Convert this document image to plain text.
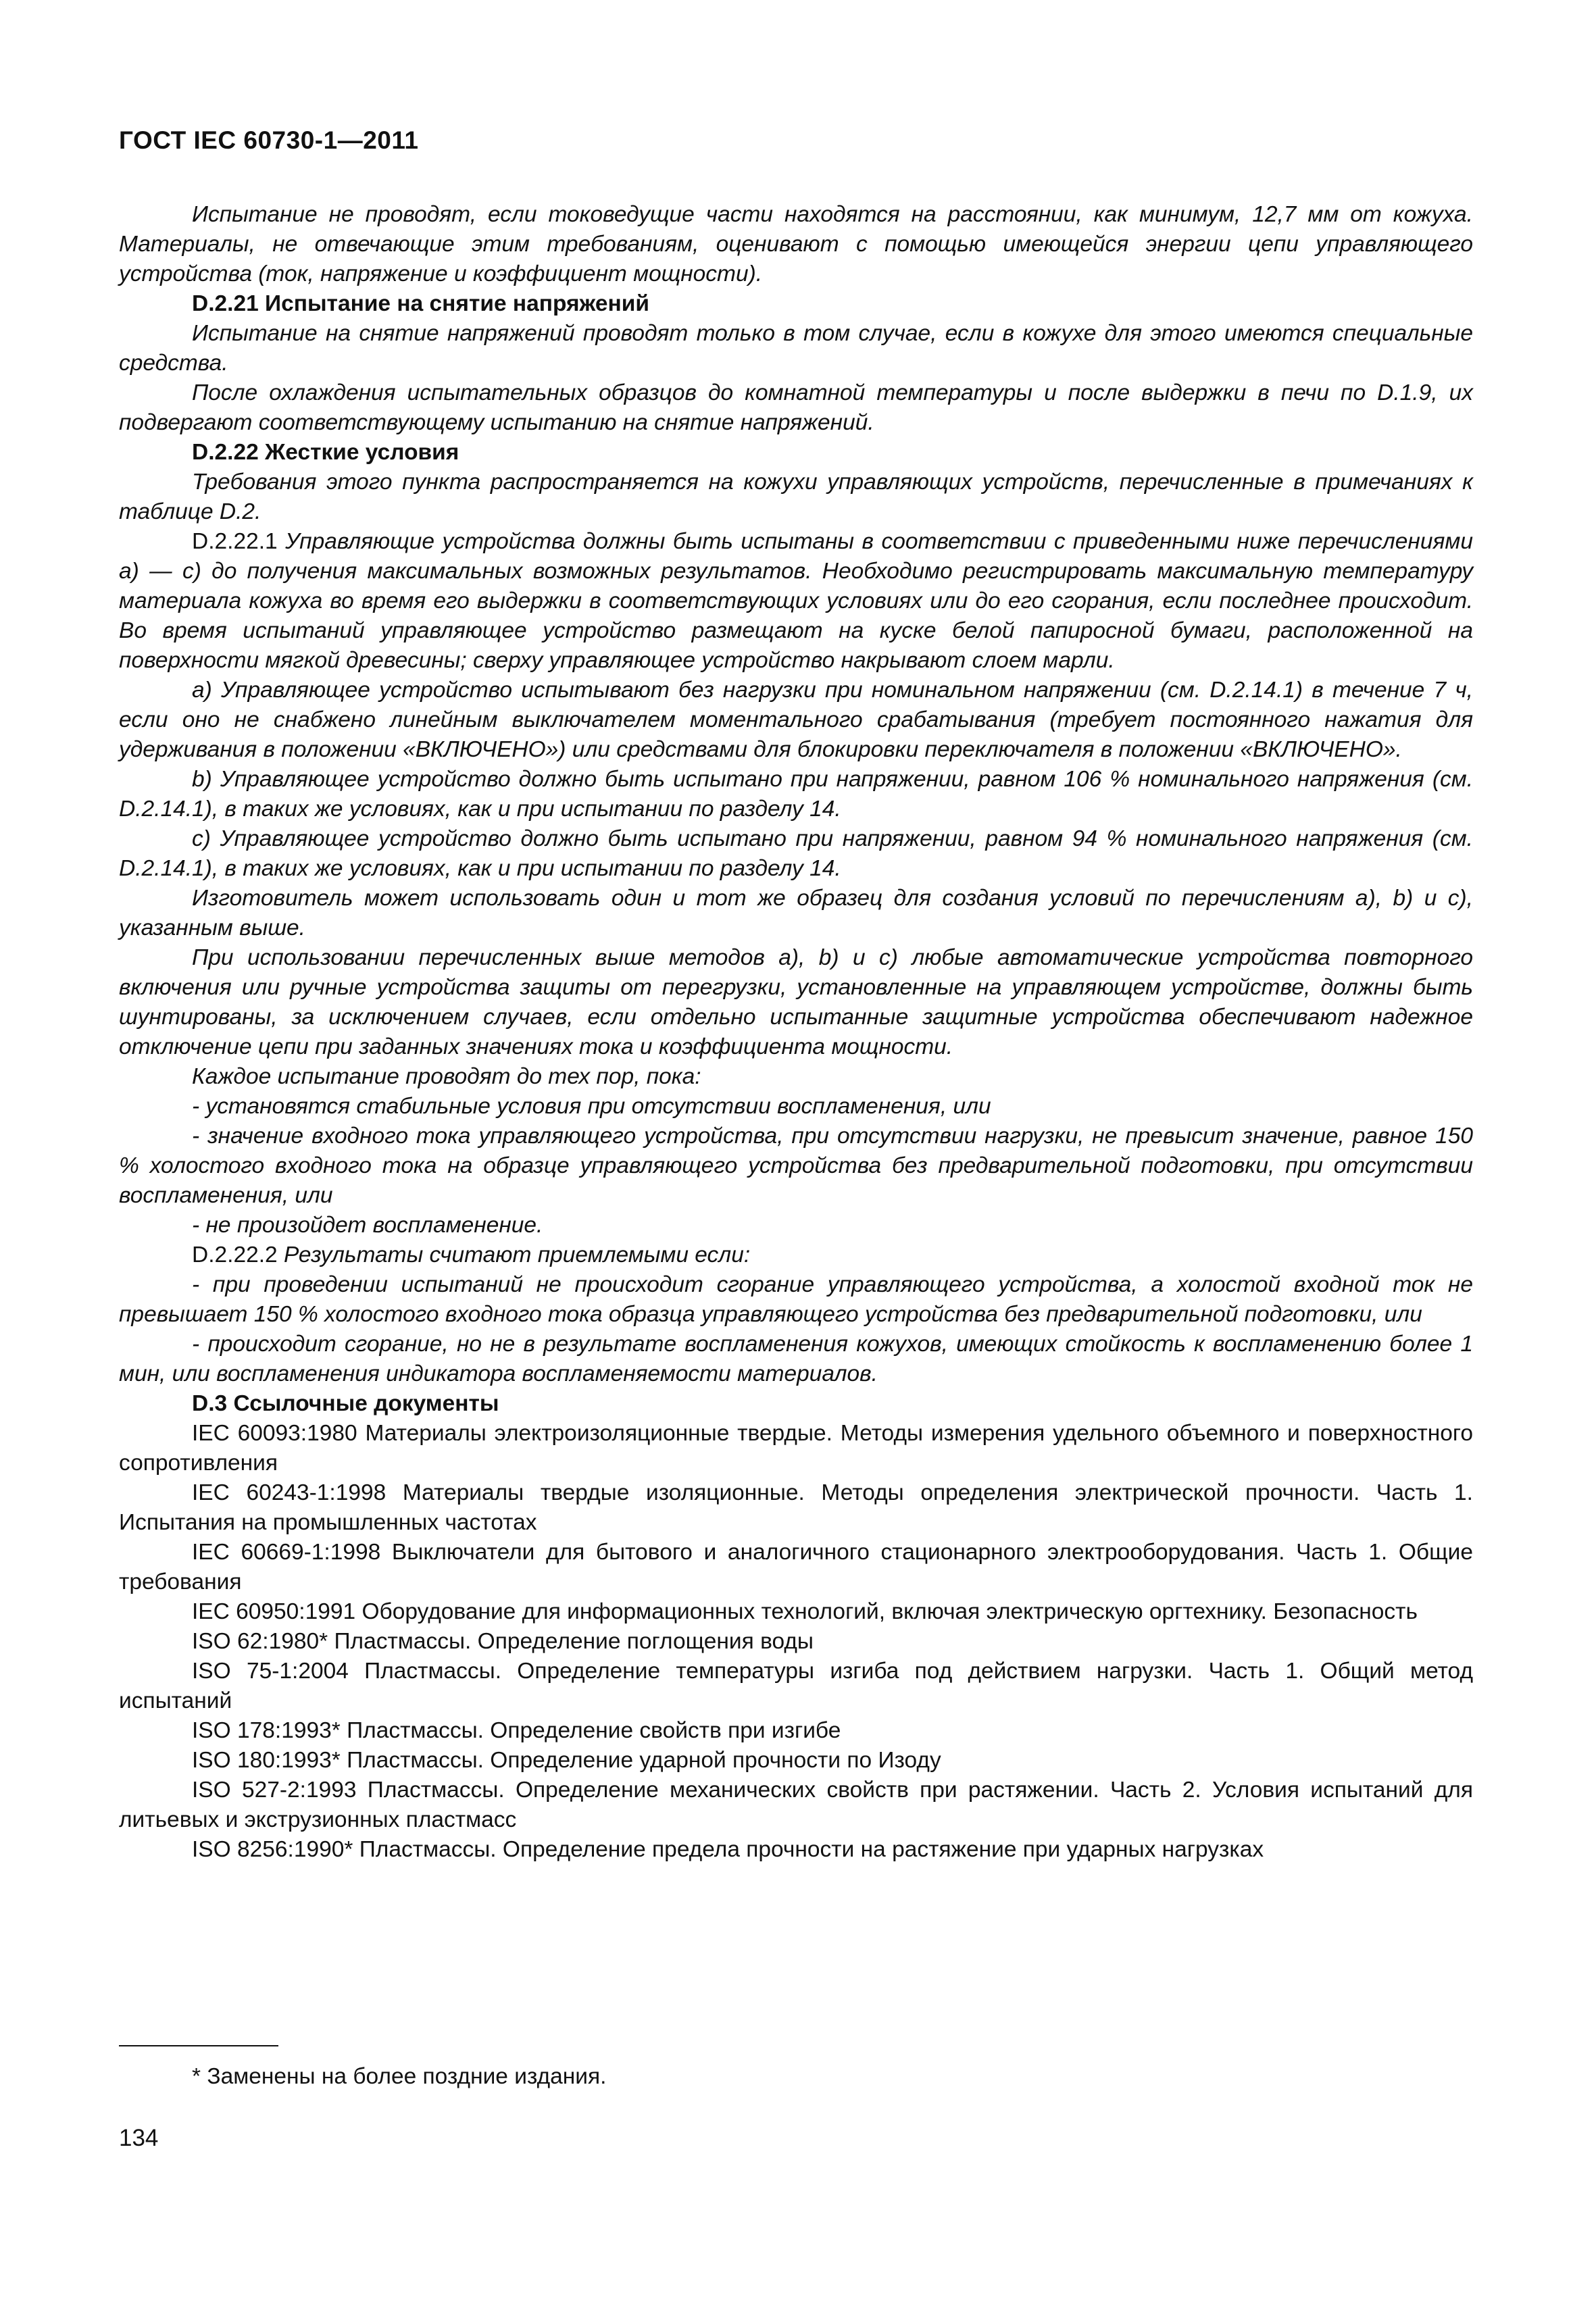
ГОСТ IEC 60730-1—2011

Испытание не проводят, если токоведущие части находятся на расстоянии, как минимум, 12,7 мм от кожуха. Материалы, не отвечающие этим требованиям, оценивают с помощью имеющейся энергии цепи управляющего устройства (ток, напряжение и коэффициент мощности).

D.2.21 Испытание на снятие напряжений

Испытание на снятие напряжений проводят только в том случае, если в кожухе для этого имеются специальные средства.

После охлаждения испытательных образцов до комнатной температуры и после выдержки в печи по D.1.9, их подвергают соответствующему испытанию на снятие напряжений.

D.2.22 Жесткие условия

Требования этого пункта распространяется на кожухи управляющих устройств, перечисленные в примечаниях к таблице D.2.

D.2.22.1 Управляющие устройства должны быть испытаны в соответствии с приведенными ниже перечислениями а) — с) до получения максимальных возможных результатов. Необходимо регистрировать максимальную температуру материала кожуха во время его выдержки в соответствующих условиях или до его сгорания, если последнее происходит. Во время испытаний управляющее устройство размещают на куске белой папиросной бумаги, расположенной на поверхности мягкой древесины; сверху управляющее устройство накрывают слоем марли.

a) Управляющее устройство испытывают без нагрузки при номинальном напряжении (см. D.2.14.1) в течение 7 ч, если оно не снабжено линейным выключателем моментального срабатывания (требует постоянного нажатия для удерживания в положении «ВКЛЮЧЕНО») или средствами для блокировки переключателя в положении «ВКЛЮЧЕНО».

b) Управляющее устройство должно быть испытано при напряжении, равном 106 % номинального напряжения (см. D.2.14.1), в таких же условиях, как и при испытании по разделу 14.

c) Управляющее устройство должно быть испытано при напряжении, равном 94 % номинального напряжения (см. D.2.14.1), в таких же условиях, как и при испытании по разделу 14.

Изготовитель может использовать один и тот же образец для создания условий по перечислениям a), b) и c), указанным выше.

При использовании перечисленных выше методов a), b) и c) любые автоматические устройства повторного включения или ручные устройства защиты от перегрузки, установленные на управляющем устройстве, должны быть шунтированы, за исключением случаев, если отдельно испытанные защитные устройства обеспечивают надежное отключение цепи при заданных значениях тока и коэффициента мощности.

Каждое испытание проводят до тех пор, пока:

- установятся стабильные условия при отсутствии воспламенения, или

- значение входного тока управляющего устройства, при отсутствии нагрузки, не превысит значение, равное 150 % холостого входного тока на образце управляющего устройства без предварительной подготовки, при отсутствии воспламенения, или

- не произойдет воспламенение.

D.2.22.2 Результаты считают приемлемыми если:

- при проведении испытаний не происходит сгорание управляющего устройства, а холостой входной ток не превышает 150 % холостого входного тока образца управляющего устройства без предварительной подготовки, или

- происходит сгорание, но не в результате воспламенения кожухов, имеющих стойкость к воспламенению более 1 мин, или воспламенения индикатора воспламеняемости материалов.

D.3 Ссылочные документы

IEC 60093:1980 Материалы электроизоляционные твердые. Методы измерения удельного объемного и поверхностного сопротивления

IEC 60243-1:1998 Материалы твердые изоляционные. Методы определения электрической прочности. Часть 1. Испытания на промышленных частотах

IEC 60669-1:1998 Выключатели для бытового и аналогичного стационарного электрооборудования. Часть 1. Общие требования

IEC 60950:1991 Оборудование для информационных технологий, включая электрическую оргтехнику. Безопасность

ISO 62:1980* Пластмассы. Определение поглощения воды

ISO 75-1:2004 Пластмассы. Определение температуры изгиба под действием нагрузки. Часть 1. Общий метод испытаний

ISO 178:1993* Пластмассы. Определение свойств при изгибе

ISO 180:1993* Пластмассы. Определение ударной прочности по Изоду

ISO 527-2:1993 Пластмассы. Определение механических свойств при растяжении. Часть 2. Условия испытаний для литьевых и экструзионных пластмасс

ISO 8256:1990* Пластмассы. Определение предела прочности на растяжение при ударных нагрузках

* Заменены на более поздние издания.
134
